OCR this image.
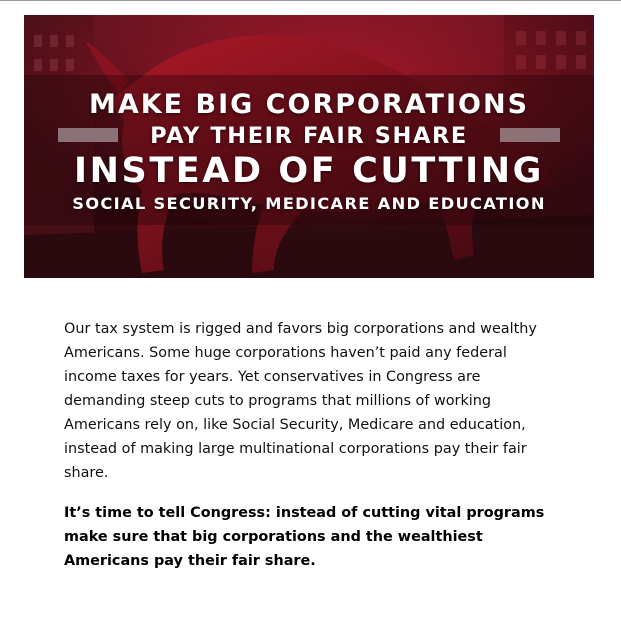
MAKE BIG CORPORATIONS
PAY THEIR FAIR SHARE
INSTEAD OF CUTTING
SOCIAL SECURITY, MEDICARE AND EDUCATION

Our tax system is rigged and favors big corporations and wealthy Americans. Some huge corporations haven’t paid any federal income taxes for years. Yet conservatives in Congress are demanding steep cuts to programs that millions of working Americans rely on, like Social Security, Medicare and education, instead of making large multinational corporations pay their fair share.

It’s time to tell Congress: instead of cutting vital programs make sure that big corporations and the wealthiest Americans pay their fair share.
